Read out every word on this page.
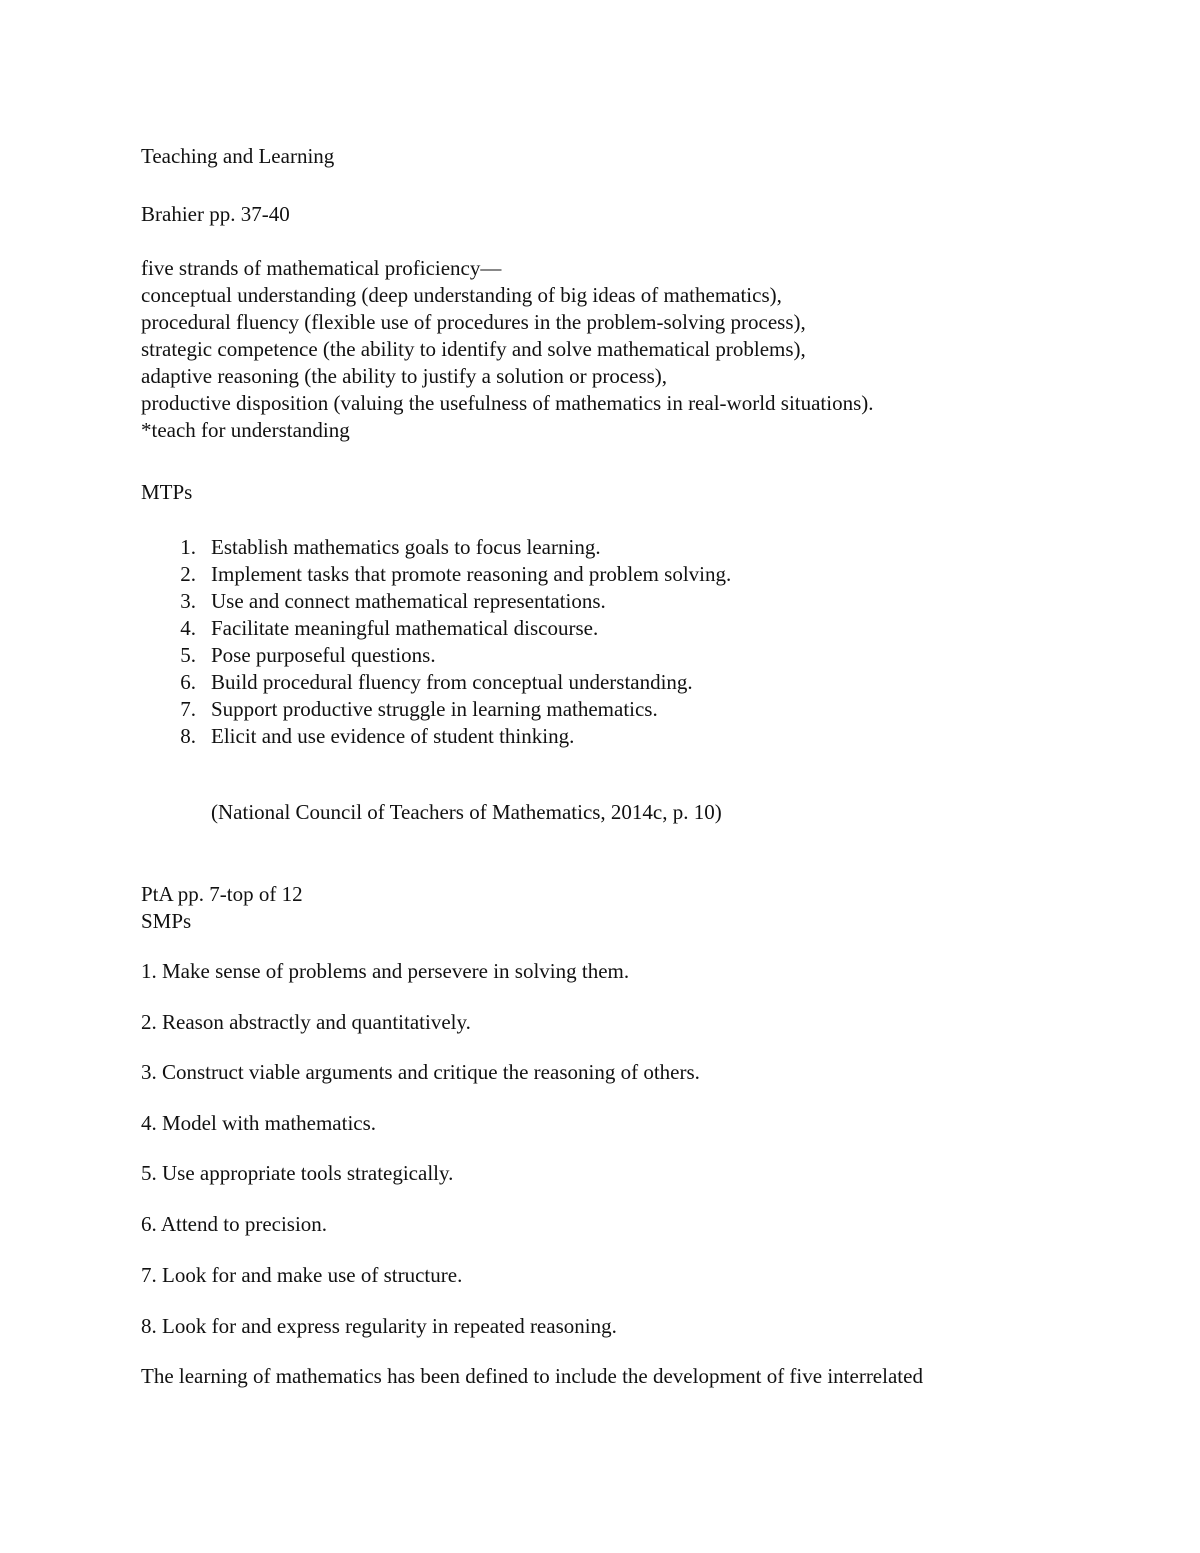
Teaching and Learning
Brahier pp. 37-40
five strands of mathematical proficiency—
conceptual understanding (deep understanding of big ideas of mathematics),
procedural fluency (flexible use of procedures in the problem-solving process),
strategic competence (the ability to identify and solve mathematical problems),
adaptive reasoning (the ability to justify a solution or process),
productive disposition (valuing the usefulness of mathematics in real-world situations).
*teach for understanding
MTPs
1. Establish mathematics goals to focus learning.
2. Implement tasks that promote reasoning and problem solving.
3. Use and connect mathematical representations.
4. Facilitate meaningful mathematical discourse.
5. Pose purposeful questions.
6. Build procedural fluency from conceptual understanding.
7. Support productive struggle in learning mathematics.
8. Elicit and use evidence of student thinking.
(National Council of Teachers of Mathematics, 2014c, p. 10)
PtA pp. 7-top of 12
SMPs
1. Make sense of problems and persevere in solving them.
2. Reason abstractly and quantitatively.
3. Construct viable arguments and critique the reasoning of others.
4. Model with mathematics.
5. Use appropriate tools strategically.
6. Attend to precision.
7. Look for and make use of structure.
8. Look for and express regularity in repeated reasoning.
The learning of mathematics has been defined to include the development of five interrelated
